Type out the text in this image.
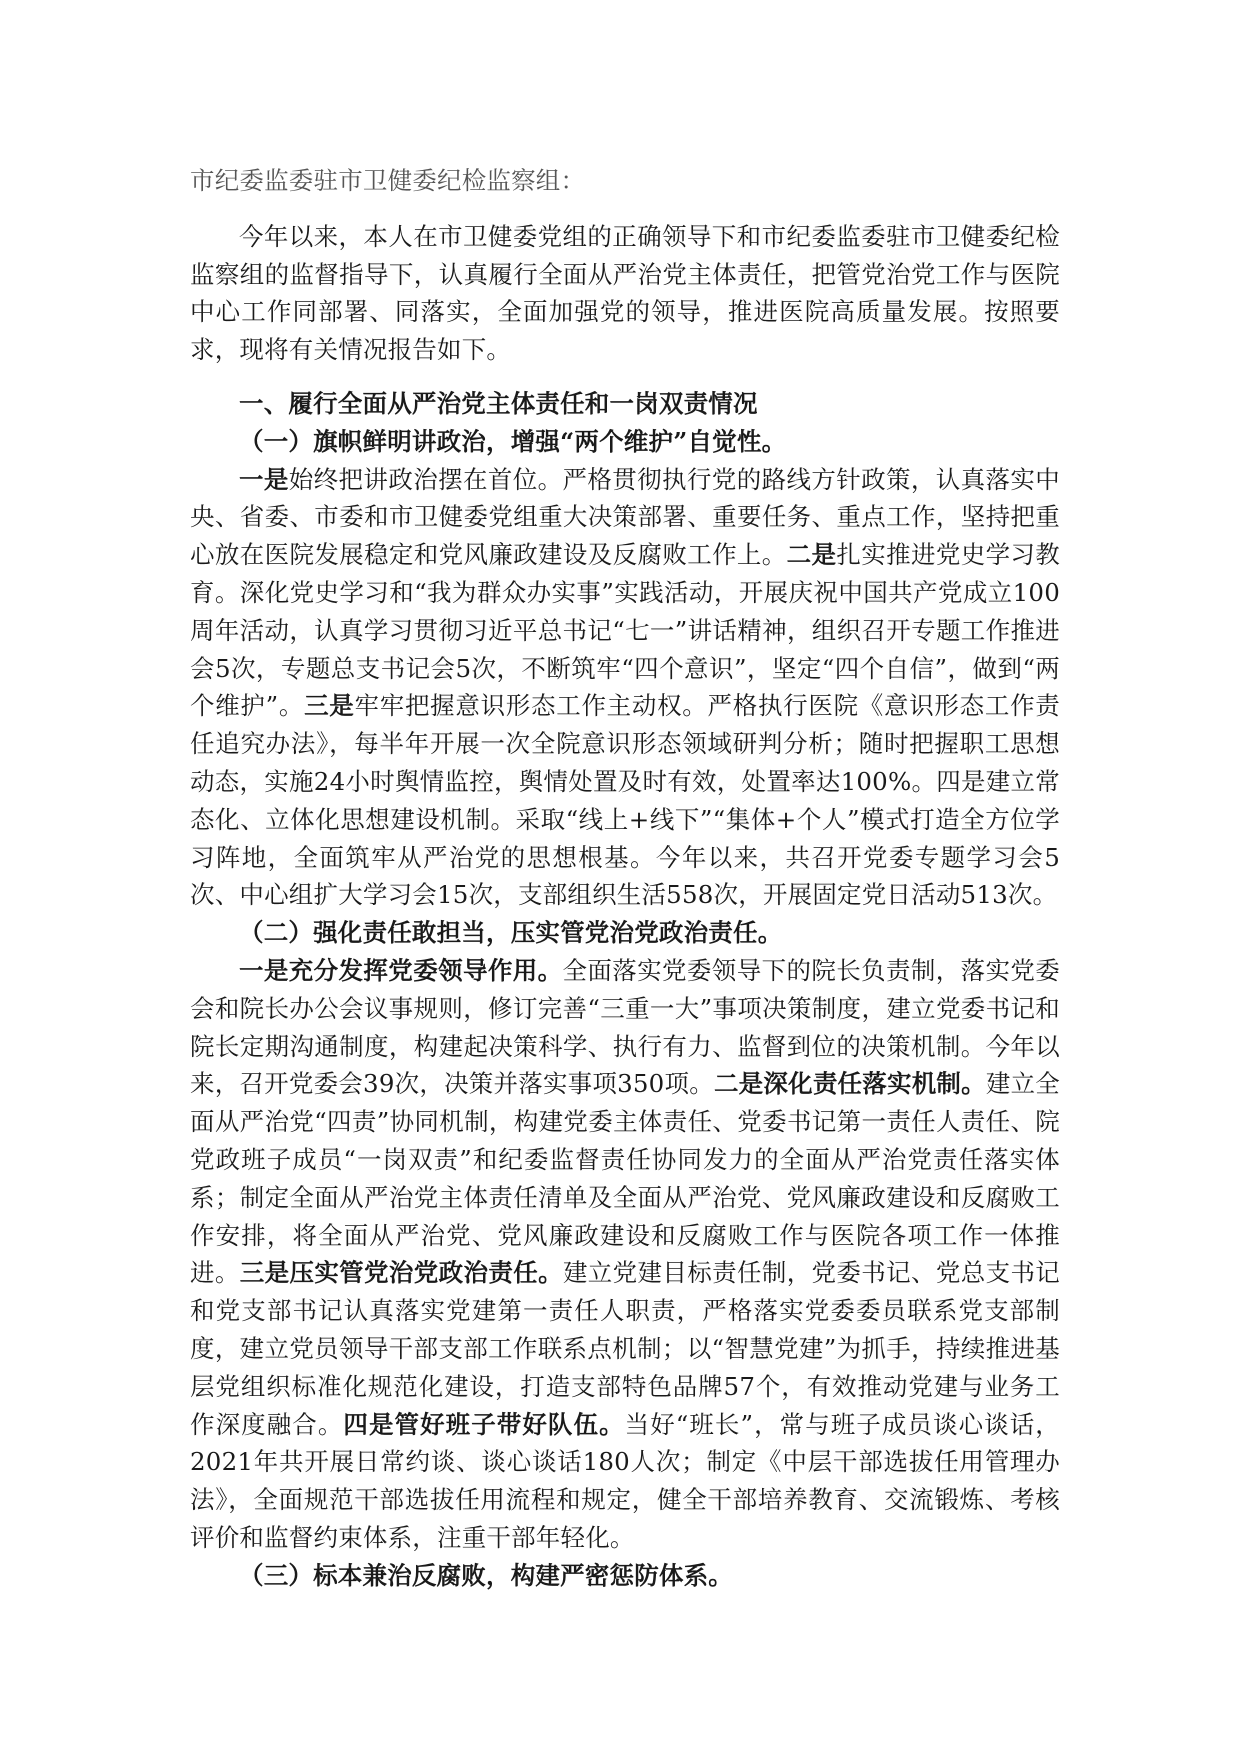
市纪委监委驻市卫健委纪检监察组：

今年以来，本人在市卫健委党组的正确领导下和市纪委监委驻市卫健委纪检监察组的监督指导下，认真履行全面从严治党主体责任，把管党治党工作与医院中心工作同部署、同落实，全面加强党的领导，推进医院高质量发展。按照要求，现将有关情况报告如下。

一、履行全面从严治党主体责任和一岗双责情况

（一）旗帜鲜明讲政治，增强“两个维护”自觉性。

一是始终把讲政治摆在首位。严格贯彻执行党的路线方针政策，认真落实中央、省委、市委和市卫健委党组重大决策部署、重要任务、重点工作，坚持把重心放在医院发展稳定和党风廉政建设及反腐败工作上。二是扎实推进党史学习教育。深化党史学习和“我为群众办实事”实践活动，开展庆祝中国共产党成立100周年活动，认真学习贯彻习近平总书记“七一”讲话精神，组织召开专题工作推进会5次，专题总支书记会5次，不断筑牢“四个意识”，坚定“四个自信”，做到“两个维护”。三是牢牢把握意识形态工作主动权。严格执行医院《意识形态工作责任追究办法》，每半年开展一次全院意识形态领域研判分析；随时把握职工思想动态，实施24小时舆情监控，舆情处置及时有效，处置率达100%。四是建立常态化、立体化思想建设机制。采取“线上+线下”“集体+个人”模式打造全方位学习阵地，全面筑牢从严治党的思想根基。今年以来，共召开党委专题学习会5次、中心组扩大学习会15次，支部组织生活558次，开展固定党日活动513次。

（二）强化责任敢担当，压实管党治党政治责任。

一是充分发挥党委领导作用。全面落实党委领导下的院长负责制，落实党委会和院长办公会议事规则，修订完善“三重一大”事项决策制度，建立党委书记和院长定期沟通制度，构建起决策科学、执行有力、监督到位的决策机制。今年以来，召开党委会39次，决策并落实事项350项。二是深化责任落实机制。建立全面从严治党“四责”协同机制，构建党委主体责任、党委书记第一责任人责任、院党政班子成员“一岗双责”和纪委监督责任协同发力的全面从严治党责任落实体系；制定全面从严治党主体责任清单及全面从严治党、党风廉政建设和反腐败工作安排，将全面从严治党、党风廉政建设和反腐败工作与医院各项工作一体推进。三是压实管党治党政治责任。建立党建目标责任制，党委书记、党总支书记和党支部书记认真落实党建第一责任人职责，严格落实党委委员联系党支部制度，建立党员领导干部支部工作联系点机制；以“智慧党建”为抓手，持续推进基层党组织标准化规范化建设，打造支部特色品牌57个，有效推动党建与业务工作深度融合。四是管好班子带好队伍。当好“班长”，常与班子成员谈心谈话，2021年共开展日常约谈、谈心谈话180人次；制定《中层干部选拔任用管理办法》，全面规范干部选拔任用流程和规定，健全干部培养教育、交流锻炼、考核评价和监督约束体系，注重干部年轻化。

（三）标本兼治反腐败，构建严密惩防体系。
